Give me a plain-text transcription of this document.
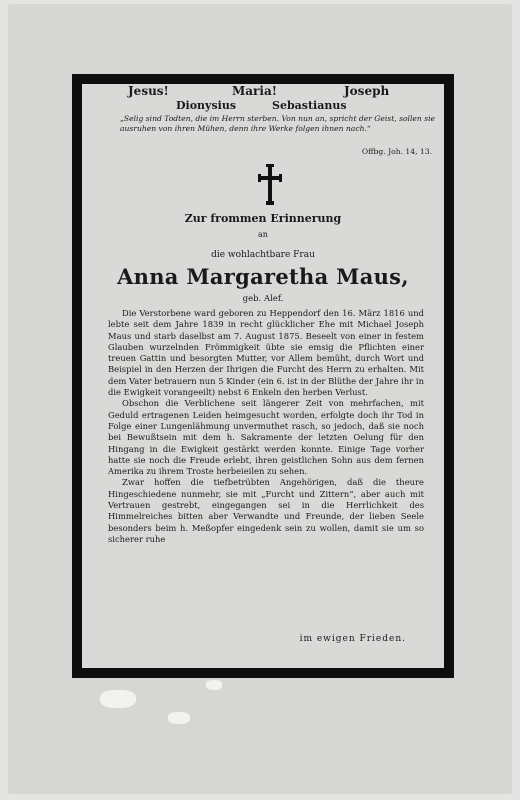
Jesus!	Maria!	Joseph
Dionysius	Sebastianus
„Selig sind Todten, die im Herrn sterben. Von nun an, spricht der Geist, sollen sie ausruhen von ihren Mühen, denn ihre Werke folgen ihnen nach.“
Offbg. Joh. 14, 13.
Zur frommen Erinnerung
an
die wohlachtbare Frau
Anna Margaretha Maus,
geb. Alef.

Die Verstorbene ward geboren zu Heppendorf den 16. März 1816 und lebte seit dem Jahre 1839 in recht glücklicher Ehe mit Michael Joseph Maus und starb daselbst am 7. August 1875. Beseelt von einer in festem Glauben wurzelnden Frömmigkeit übte sie emsig die Pflichten einer treuen Gattin und besorgten Mutter, vor Allem bemüht, durch Wort und Beispiel in den Herzen der Ihrigen die Furcht des Herrn zu erhalten. Mit dem Vater betrauern nun 5 Kinder (ein 6. ist in der Blüthe der Jahre ihr in die Ewigkeit vorangeeilt) nebst 6 Enkeln den herben Verlust.

Obschon die Verblichene seit längerer Zeit von mehrfachen, mit Geduld ertragenen Leiden heimgesucht worden, erfolgte doch ihr Tod in Folge einer Lungenlähmung unvermuthet rasch, so jedoch, daß sie noch bei Bewußtsein mit dem h. Sakramente der letzten Oelung für den Hingang in die Ewigkeit gestärkt werden konnte. Einige Tage vorher hatte sie noch die Freude erlebt, ihren geistlichen Sohn aus dem fernen Amerika zu ihrem Troste herbeieilen zu sehen.

Zwar hoffen die tiefbetrübten Angehörigen, daß die theure Hingeschiedene nunmehr, sie mit „Furcht und Zittern“, aber auch mit Vertrauen gestrebt, eingegangen sei in die Herrlichkeit des Himmelreiches bitten aber Verwandte und Freunde, der lieben Seele besonders beim h. Meßopfer eingedenk sein zu wollen, damit sie um so sicherer ruhe

im ewigen Frieden.
